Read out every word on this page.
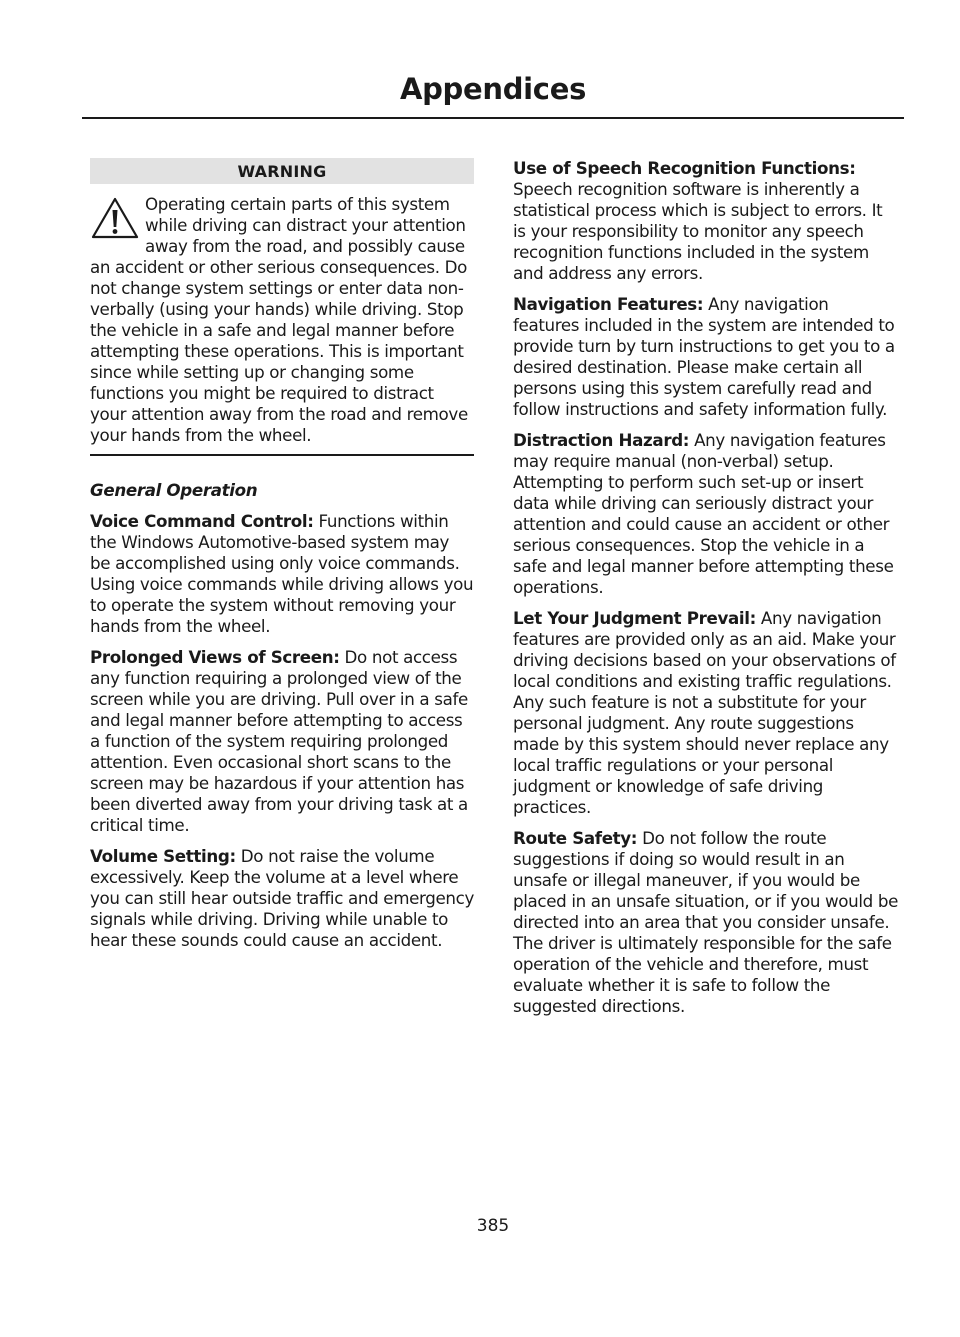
Appendices
WARNING

Operating certain parts of this system while driving can distract your attention away from the road, and possibly cause an accident or other serious consequences. Do not change system settings or enter data non-verbally (using your hands) while driving. Stop the vehicle in a safe and legal manner before attempting these operations. This is important since while setting up or changing some functions you might be required to distract your attention away from the road and remove your hands from the wheel.

General Operation

Voice Command Control: Functions within the Windows Automotive-based system may be accomplished using only voice commands. Using voice commands while driving allows you to operate the system without removing your hands from the wheel.

Prolonged Views of Screen: Do not access any function requiring a prolonged view of the screen while you are driving. Pull over in a safe and legal manner before attempting to access a function of the system requiring prolonged attention. Even occasional short scans to the screen may be hazardous if your attention has been diverted away from your driving task at a critical time.

Volume Setting: Do not raise the volume excessively. Keep the volume at a level where you can still hear outside traffic and emergency signals while driving. Driving while unable to hear these sounds could cause an accident.

Use of Speech Recognition Functions: Speech recognition software is inherently a statistical process which is subject to errors. It is your responsibility to monitor any speech recognition functions included in the system and address any errors.

Navigation Features: Any navigation features included in the system are intended to provide turn by turn instructions to get you to a desired destination. Please make certain all persons using this system carefully read and follow instructions and safety information fully.

Distraction Hazard: Any navigation features may require manual (non-verbal) setup. Attempting to perform such set-up or insert data while driving can seriously distract your attention and could cause an accident or other serious consequences. Stop the vehicle in a safe and legal manner before attempting these operations.

Let Your Judgment Prevail: Any navigation features are provided only as an aid. Make your driving decisions based on your observations of local conditions and existing traffic regulations. Any such feature is not a substitute for your personal judgment. Any route suggestions made by this system should never replace any local traffic regulations or your personal judgment or knowledge of safe driving practices.

Route Safety: Do not follow the route suggestions if doing so would result in an unsafe or illegal maneuver, if you would be placed in an unsafe situation, or if you would be directed into an area that you consider unsafe. The driver is ultimately responsible for the safe operation of the vehicle and therefore, must evaluate whether it is safe to follow the suggested directions.

385
